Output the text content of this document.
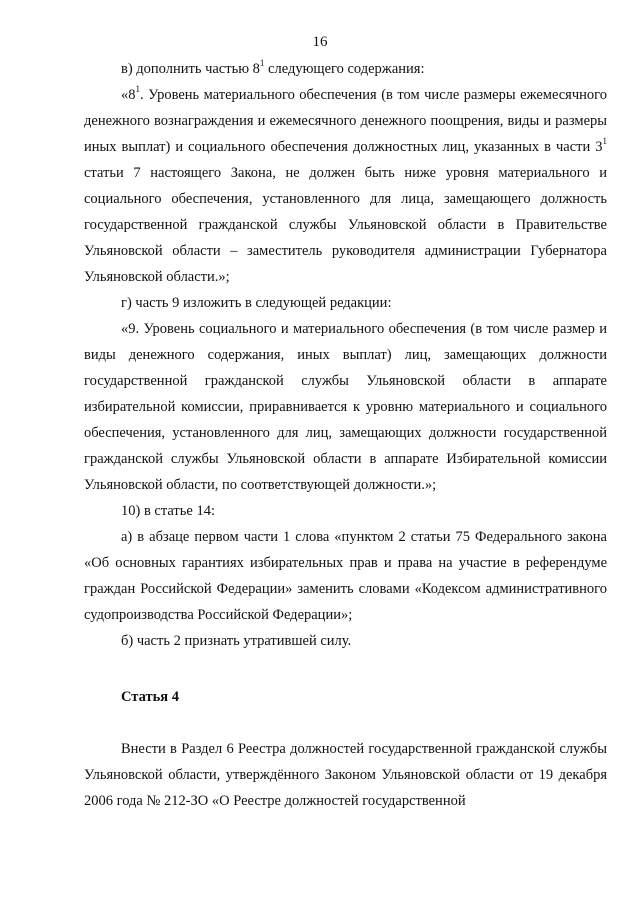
16

в) дополнить частью $8^1$ следующего содержания:

«$8^1$. Уровень материального обеспечения (в том числе размеры ежемесячного денежного вознаграждения и ежемесячного денежного поощрения, виды и размеры иных выплат) и социального обеспечения должностных лиц, указанных в части $3^1$ статьи 7 настоящего Закона, не должен быть ниже уровня материального и социального обеспечения, установленного для лица, замещающего должность государственной гражданской службы Ульяновской области в Правительстве Ульяновской области – заместитель руководителя администрации Губернатора Ульяновской области.»;

г) часть 9 изложить в следующей редакции:

«9. Уровень социального и материального обеспечения (в том числе размер и виды денежного содержания, иных выплат) лиц, замещающих должности государственной гражданской службы Ульяновской области в аппарате избирательной комиссии, приравнивается к уровню материального и социального обеспечения, установленного для лиц, замещающих должности государственной гражданской службы Ульяновской области в аппарате Избирательной комиссии Ульяновской области, по соответствующей должности.»;

10) в статье 14:

а) в абзаце первом части 1 слова «пунктом 2 статьи 75 Федерального закона «Об основных гарантиях избирательных прав и права на участие в референдуме граждан Российской Федерации» заменить словами «Кодексом административного судопроизводства Российской Федерации»;

б) часть 2 признать утратившей силу.

Статья 4

Внести в Раздел 6 Реестра должностей государственной гражданской службы Ульяновской области, утверждённого Законом Ульяновской области от 19 декабря 2006 года № 212-ЗО «О Реестре должностей государственной
